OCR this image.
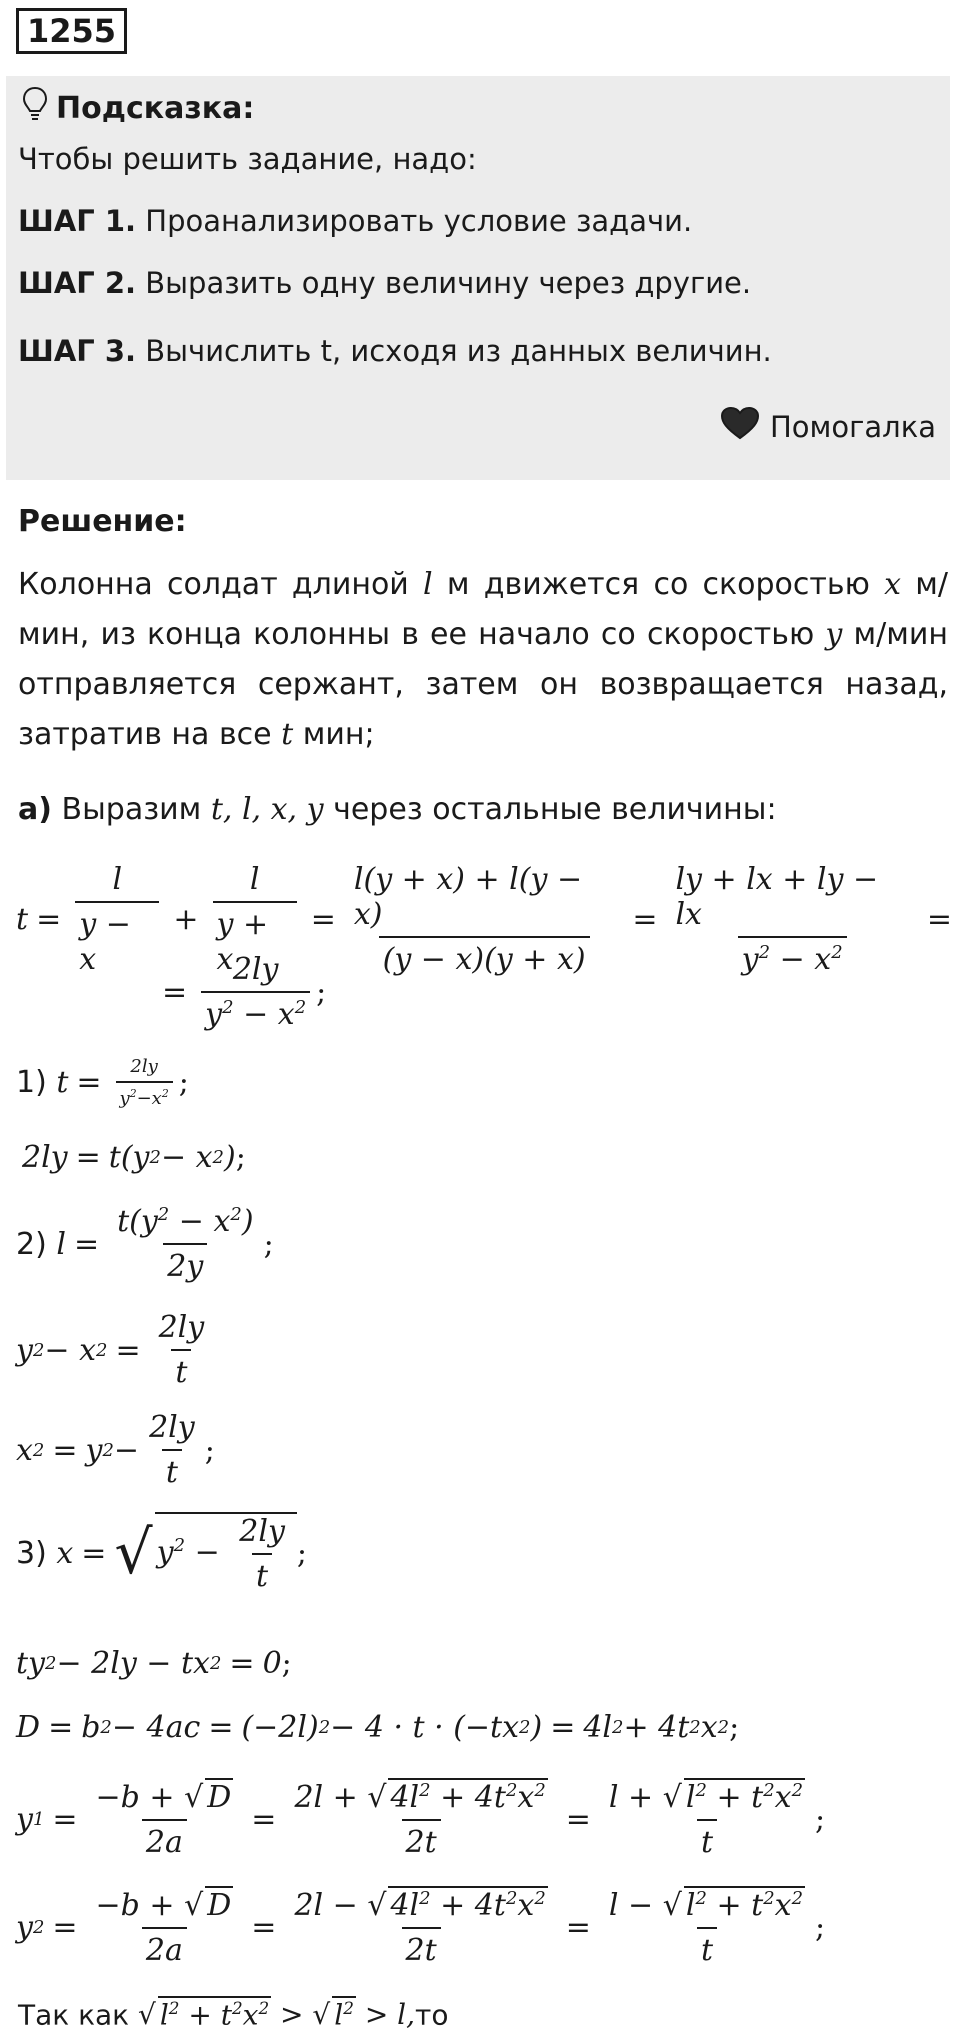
1255
Подсказка:
Чтобы решить задание, надо:
ШАГ 1. Проанализировать условие задачи.
ШАГ 2. Выразить одну величину через другие.
ШАГ 3. Вычислить t, исходя из данных величин.
Помогалка
Решение:
Колонна солдат длиной l м движется со скоростью x м/мин, из конца колонны в ее начало со скоростью y м/мин отправляется сержант, затем он возвращается назад, затратив на все t мин;
а) Выразим t, l, x, y через остальные величины:
$t = \frac{l}{y - x} + \frac{l}{y + x} = \frac{l(y + x) + l(y - x)}{(y - x)(y + x)} = \frac{ly + lx + ly - lx}{y^2 - x^2}$ =
= $\frac{2ly}{y^2 - x^2}$ ;
1) $t = \frac{2ly}{y^2-x^2}$ ;
2ly = t(y 2 − x 2 ) ;
2) $l = \frac{t(y^2 - x^2)}{2y}$ ;
y 2 − x $2 = \frac{2ly}{t}$
x 2 = y $2 - \frac{2ly}{t}$ ;
3) x = √ $y^2 - \frac{2ly}{t}$ ;
ty 2 − 2ly − tx 2 = 0 ;
D = b 2 − 4ac = (−2l) 2 − 4 · t · (−tx 2 ) = 4l 2 + 4t 2 x 2 ;
y $1 = \frac{-b + √ D}{2a} = \frac{2l + √ 4l^2 + 4t^2x^2}{2t} = \frac{l + √ l^2 + t^2x^2}{t}$ ;
y $2 = \frac{-b + √ D}{2a} = \frac{2l - √ 4l^2 + 4t^2x^2}{2t} = \frac{l - √ l^2 + t^2x^2}{t}$ ;
Так как √ $l^2 + t^2x^2$ > √ $l^2 > l,то$
